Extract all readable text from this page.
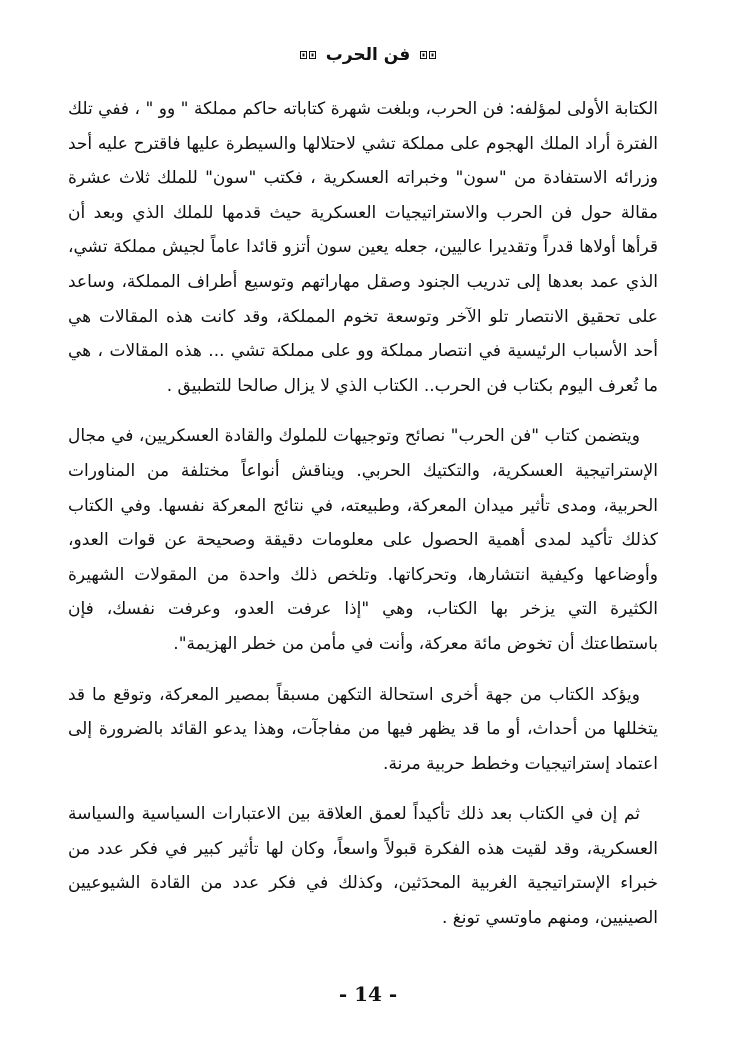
فن الحرب

الكتابة الأولى لمؤلفه: فن الحرب، وبلغت شهرة كتاباته حاكم مملكة " وو " ، ففي تلك الفترة أراد الملك الهجوم على مملكة تشي لاحتلالها والسيطرة عليها فاقترح عليه أحد وزرائه الاستفادة من "سون" وخبراته العسكرية ، فكتب "سون" للملك ثلاث عشرة مقالة حول فن الحرب والاستراتيجيات العسكرية حيث قدمها للملك الذي وبعد أن قرأها أولاها قدراً وتقديرا عاليين، جعله يعين سون أتزو قائدا عاماً لجيش مملكة تشي، الذي عمد بعدها إلى تدريب الجنود وصقل مهاراتهم وتوسيع أطراف المملكة، وساعد على تحقيق الانتصار تلو الآخر وتوسعة تخوم المملكة، وقد كانت هذه المقالات هي أحد الأسباب الرئيسية في انتصار مملكة وو على مملكة تشي ... هذه المقالات ، هي ما تُعرف اليوم بكتاب فن الحرب.. الكتاب الذي لا يزال صالحا للتطبيق .

ويتضمن كتاب "فن الحرب" نصائح وتوجيهات للملوك والقادة العسكريين، في مجال الإستراتيجية العسكرية، والتكتيك الحربي. ويناقش أنواعاً مختلفة من المناورات الحربية، ومدى تأثير ميدان المعركة، وطبيعته، في نتائج المعركة نفسها. وفي الكتاب كذلك تأكيد لمدى أهمية الحصول على معلومات دقيقة وصحيحة عن قوات العدو، وأوضاعها وكيفية انتشارها، وتحركاتها. وتلخص ذلك واحدة من المقولات الشهيرة الكثيرة التي يزخر بها الكتاب، وهي "إذا عرفت العدو، وعرفت نفسك، فإن باستطاعتك أن تخوض مائة معركة، وأنت في مأمن من خطر الهزيمة".

ويؤكد الكتاب من جهة أخرى استحالة التكهن مسبقاً بمصير المعركة، وتوقع ما قد يتخللها من أحداث، أو ما قد يظهر فيها من مفاجآت، وهذا يدعو القائد بالضرورة إلى اعتماد إستراتيجيات وخطط حربية مرنة.

ثم إن في الكتاب بعد ذلك تأكيداً لعمق العلاقة بين الاعتبارات السياسية والسياسة العسكرية، وقد لقيت هذه الفكرة قبولاً واسعاً، وكان لها تأثير كبير في فكر عدد من خبراء الإستراتيجية الغربية المحدَثين، وكذلك في فكر عدد من القادة الشيوعيين الصينيين، ومنهم ماوتسي تونغ .

- 14 -
